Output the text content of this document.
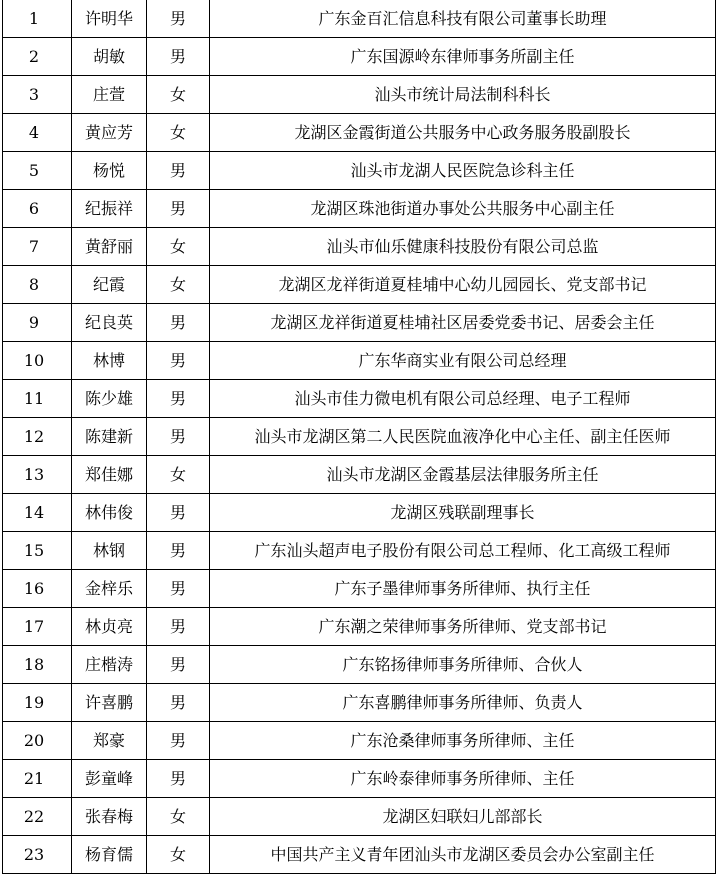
1	许明华	男	广东金百汇信息科技有限公司董事长助理
2	胡敏	男	广东国源岭东律师事务所副主任
3	庄萱	女	汕头市统计局法制科科长
4	黄应芳	女	龙湖区金霞街道公共服务中心政务服务股副股长
5	杨悦	男	汕头市龙湖人民医院急诊科主任
6	纪振祥	男	龙湖区珠池街道办事处公共服务中心副主任
7	黄舒丽	女	汕头市仙乐健康科技股份有限公司总监
8	纪霞	女	龙湖区龙祥街道夏桂埔中心幼儿园园长、党支部书记
9	纪良英	男	龙湖区龙祥街道夏桂埔社区居委党委书记、居委会主任
10	林博	男	广东华商实业有限公司总经理
11	陈少雄	男	汕头市佳力微电机有限公司总经理、电子工程师
12	陈建新	男	汕头市龙湖区第二人民医院血液净化中心主任、副主任医师
13	郑佳娜	女	汕头市龙湖区金霞基层法律服务所主任
14	林伟俊	男	龙湖区残联副理事长
15	林钢	男	广东汕头超声电子股份有限公司总工程师、化工高级工程师
16	金梓乐	男	广东子墨律师事务所律师、执行主任
17	林贞亮	男	广东潮之荣律师事务所律师、党支部书记
18	庄楷涛	男	广东铭扬律师事务所律师、合伙人
19	许喜鹏	男	广东喜鹏律师事务所律师、负责人
20	郑豪	男	广东沧桑律师事务所律师、主任
21	彭童峰	男	广东岭泰律师事务所律师、主任
22	张春梅	女	龙湖区妇联妇儿部部长
23	杨育儒	女	中国共产主义青年团汕头市龙湖区委员会办公室副主任
